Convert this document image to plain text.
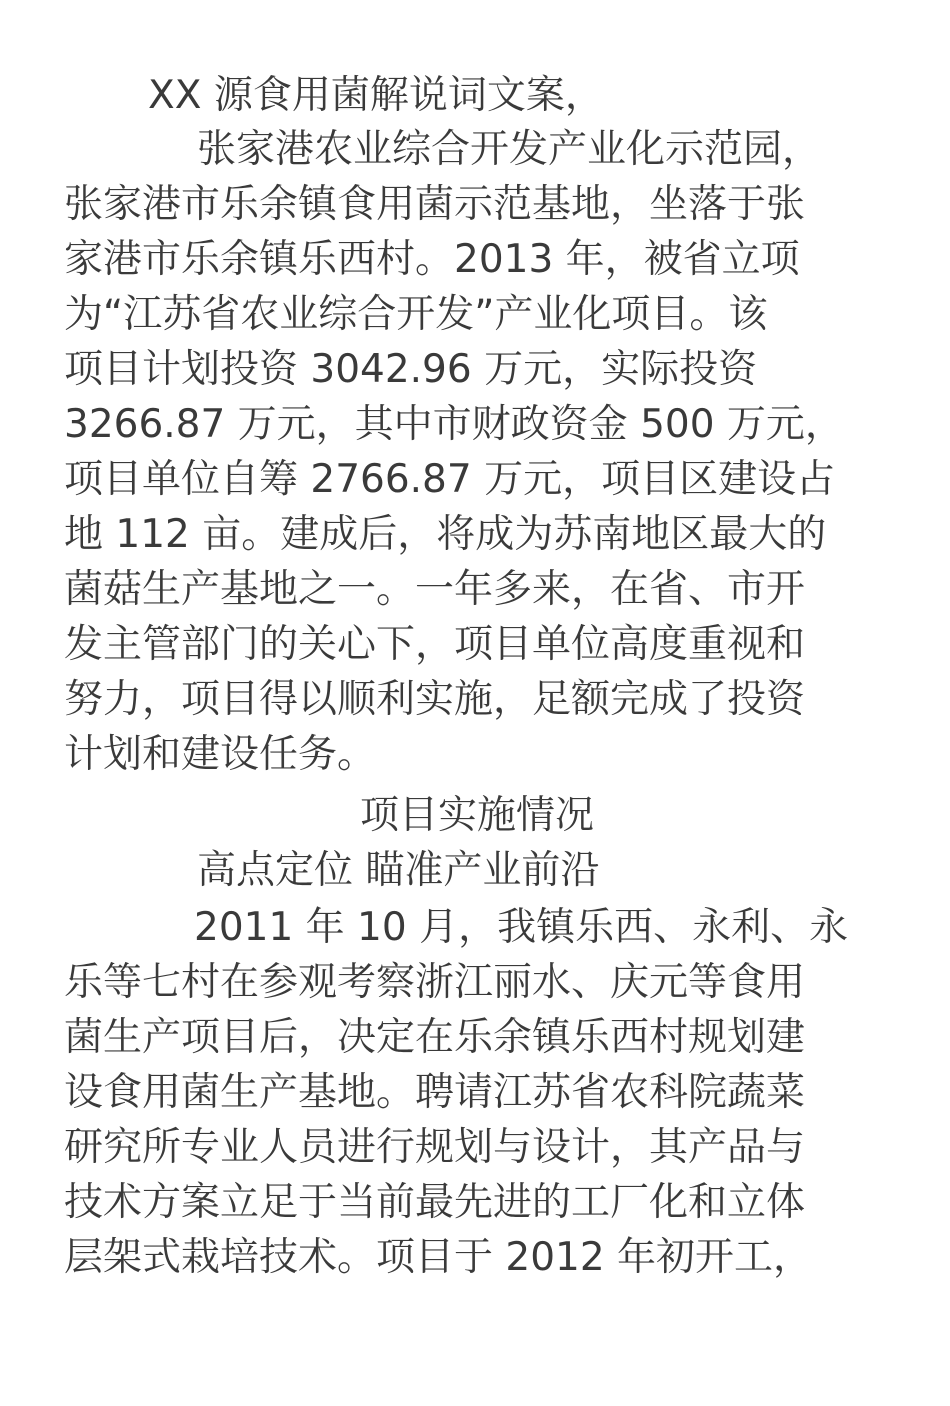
XX 源食用菌解说词文案，
张家港农业综合开发产业化示范园，
张家港市乐余镇食用菌示范基地，坐落于张
家港市乐余镇乐西村。2013 年，被省立项
为“江苏省农业综合开发”产业化项目。该
项目计划投资 3042.96 万元，实际投资
3266.87 万元，其中市财政资金 500 万元，
项目单位自筹 2766.87 万元，项目区建设占
地 112 亩。建成后，将成为苏南地区最大的
菌菇生产基地之一。一年多来，在省、市开
发主管部门的关心下，项目单位高度重视和
努力，项目得以顺利实施，足额完成了投资
计划和建设任务。
项目实施情况
高点定位 瞄准产业前沿
2011 年 10 月，我镇乐西、永利、永
乐等七村在参观考察浙江丽水、庆元等食用
菌生产项目后，决定在乐余镇乐西村规划建
设食用菌生产基地。聘请江苏省农科院蔬菜
研究所专业人员进行规划与设计，其产品与
技术方案立足于当前最先进的工厂化和立体
层架式栽培技术。项目于 2012 年初开工，
